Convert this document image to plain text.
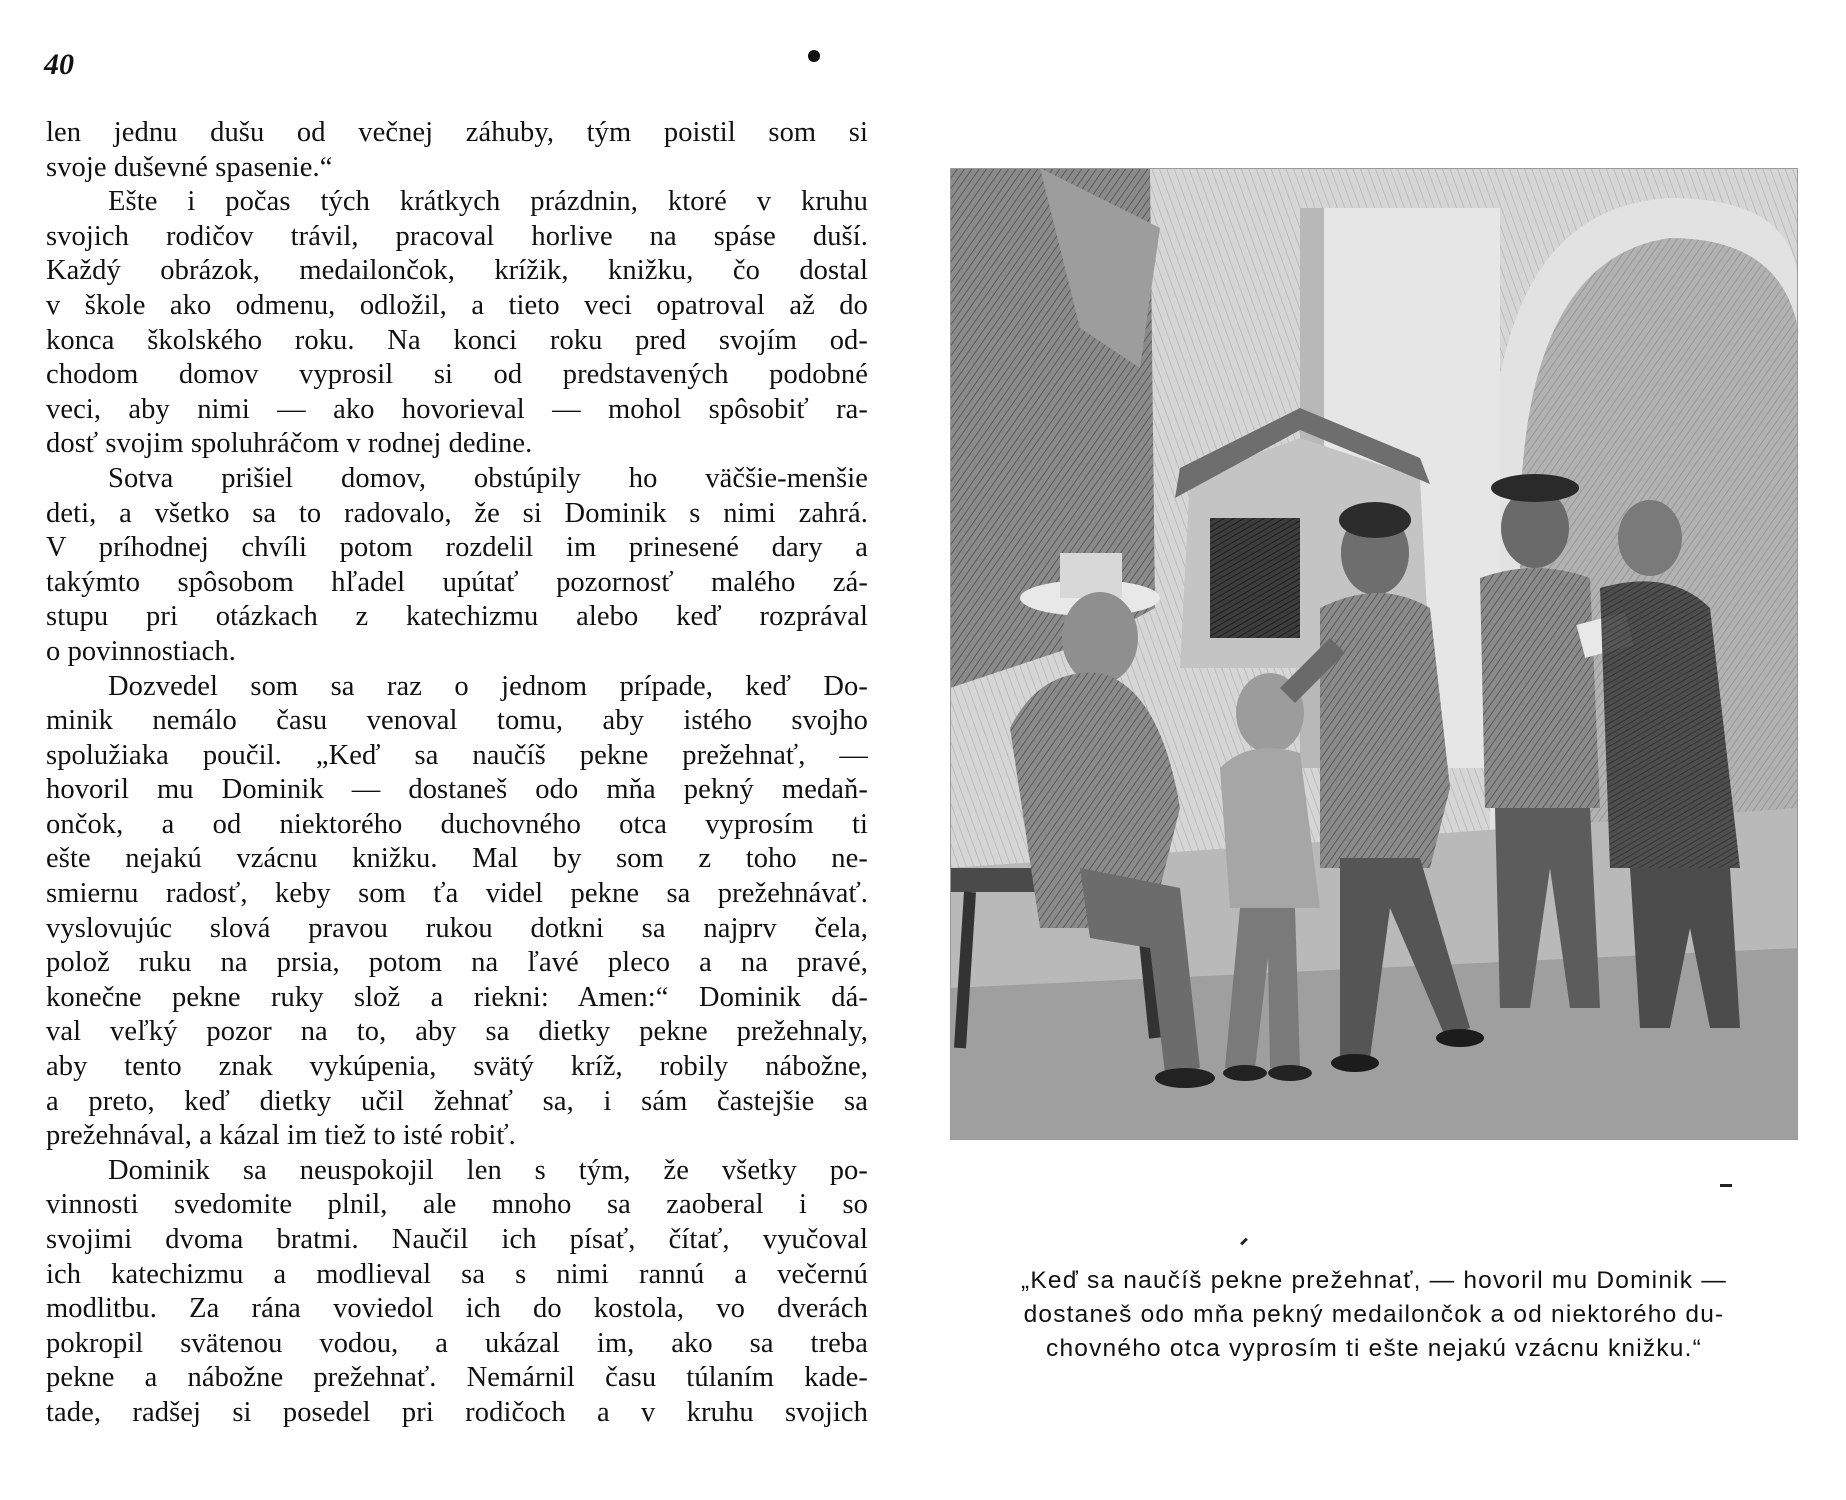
40
len jednu dušu od večnej záhuby, tým poistil som si
svoje duševné spasenie.“
Ešte i počas tých krátkych prázdnin, ktoré v kruhu
svojich rodičov trávil, pracoval horlive na spáse duší.
Každý obrázok, medailončok, krížik, knižku, čo dostal
v škole ako odmenu, odložil, a tieto veci opatroval až do
konca školského roku. Na konci roku pred svojím od-
chodom domov vyprosil si od predstavených podobné
veci, aby nimi — ako hovorieval — mohol spôsobiť ra-
dosť svojim spoluhráčom v rodnej dedine.
Sotva prišiel domov, obstúpily ho väčšie-menšie
deti, a všetko sa to radovalo, že si Dominik s nimi zahrá.
V príhodnej chvíli potom rozdelil im prinesené dary a
takýmto spôsobom hľadel upútať pozornosť malého zá-
stupu pri otázkach z katechizmu alebo keď rozprával
o povinnostiach.
Dozvedel som sa raz o jednom prípade, keď Do-
minik nemálo času venoval tomu, aby istého svojho
spolužiaka poučil. „Keď sa naučíš pekne prežehnať, —
hovoril mu Dominik — dostaneš odo mňa pekný medaň-
ončok, a od niektorého duchovného otca vyprosím ti
ešte nejakú vzácnu knižku. Mal by som z toho ne-
smiernu radosť, keby som ťa videl pekne sa prežehnávať.
vyslovujúc slová pravou rukou dotkni sa najprv čela,
polož ruku na prsia, potom na ľavé pleco a na pravé,
konečne pekne ruky slož a riekni: Amen:“ Dominik dá-
val veľký pozor na to, aby sa dietky pekne prežehnaly,
aby tento znak vykúpenia, svätý kríž, robily nábožne,
a preto, keď dietky učil žehnať sa, i sám častejšie sa
prežehnával, a kázal im tiež to isté robiť.
Dominik sa neuspokojil len s tým, že všetky po-
vinnosti svedomite plnil, ale mnoho sa zaoberal i so
svojimi dvoma bratmi. Naučil ich písať, čítať, vyučoval
ich katechizmu a modlieval sa s nimi rannú a večernú
modlitbu. Za rána voviedol ich do kostola, vo dverách
pokropil svätenou vodou, a ukázal im, ako sa treba
pekne a nábožne prežehnať. Nemárnil času túlaním kade-
tade, radšej si posedel pri rodičoch a v kruhu svojich
„Keď sa naučíš pekne prežehnať, — hovoril mu Dominik —
dostaneš odo mňa pekný medailončok a od niektorého du-
chovného otca vyprosím ti ešte nejakú vzácnu knižku.“
